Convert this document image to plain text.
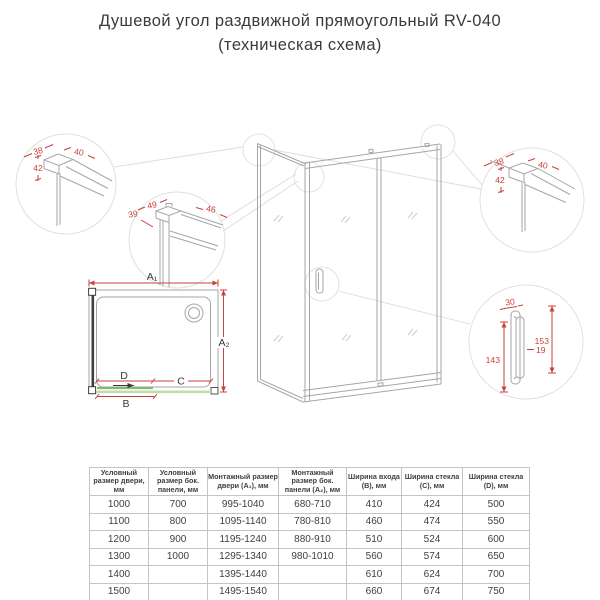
Душевой угол раздвижной прямоугольный RV-040
(техническая схема)
38	40
42
49	46
39
38	40
42
30
153
143
19
A₁
A₂
D	C
B
Условный размер двери, мм	Условный размер бок. панели, мм	Монтажный размер двери (A₁), мм	Монтажный размер бок. панели (A₂), мм	Ширина входа (B), мм	Ширина стекла (C), мм	Ширина стекла (D), мм
1000	700	995-1040	680-710	410	424	500
1100	800	1095-1140	780-810	460	474	550
1200	900	1195-1240	880-910	510	524	600
1300	1000	1295-1340	980-1010	560	574	650
1400		1395-1440		610	624	700
1500		1495-1540		660	674	750
